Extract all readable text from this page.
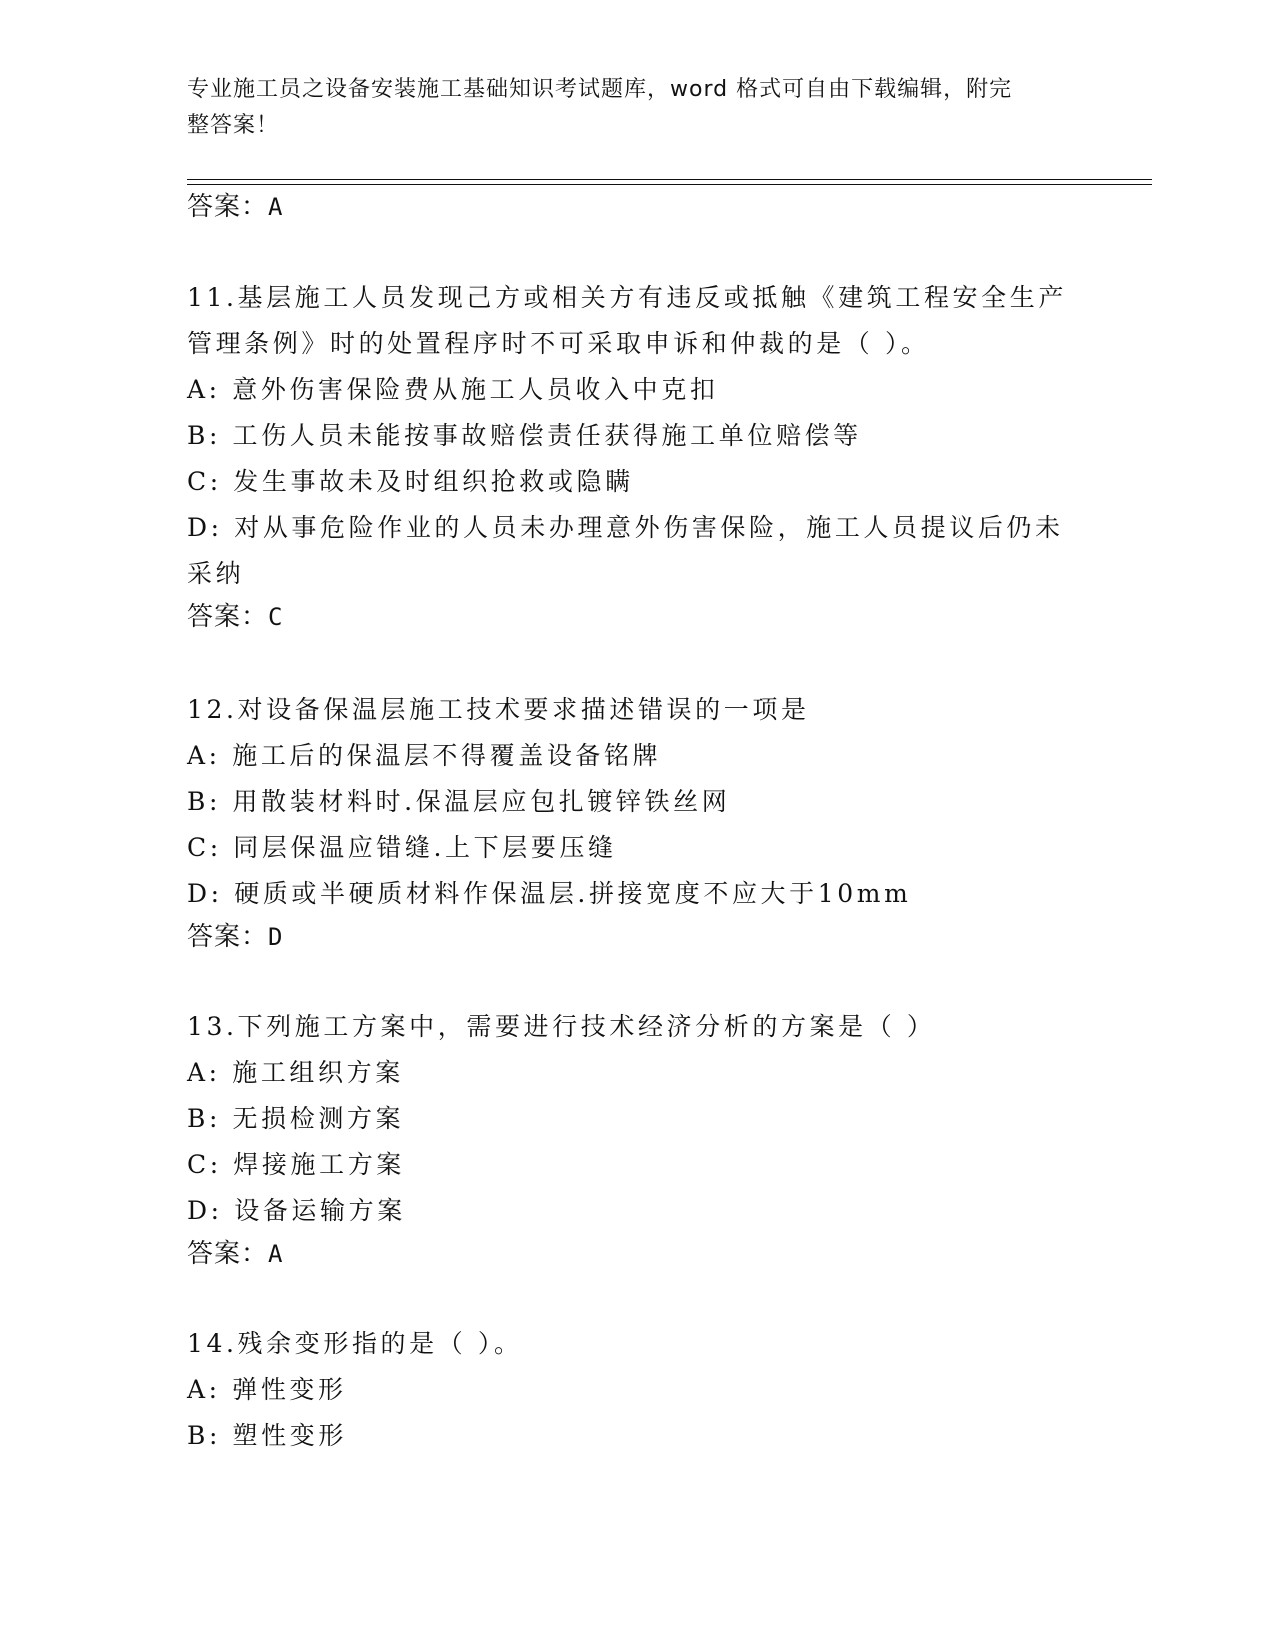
专业施工员之设备安装施工基础知识考试题库，word 格式可自由下载编辑，附完
整答案！
答案：A
11.基层施工人员发现己方或相关方有违反或抵触《建筑工程安全生产
管理条例》时的处置程序时不可采取申诉和仲裁的是（ ）。
A: 意外伤害保险费从施工人员收入中克扣
B: 工伤人员未能按事故赔偿责任获得施工单位赔偿等
C: 发生事故未及时组织抢救或隐瞒
D: 对从事危险作业的人员未办理意外伤害保险，施工人员提议后仍未
采纳
答案：C
12.对设备保温层施工技术要求描述错误的一项是
A: 施工后的保温层不得覆盖设备铭牌
B: 用散装材料时.保温层应包扎镀锌铁丝网
C: 同层保温应错缝.上下层要压缝
D: 硬质或半硬质材料作保温层.拼接宽度不应大于10mm
答案：D
13.下列施工方案中，需要进行技术经济分析的方案是（ ）
A: 施工组织方案
B: 无损检测方案
C: 焊接施工方案
D: 设备运输方案
答案：A
14.残余变形指的是（ ）。
A: 弹性变形
B: 塑性变形
